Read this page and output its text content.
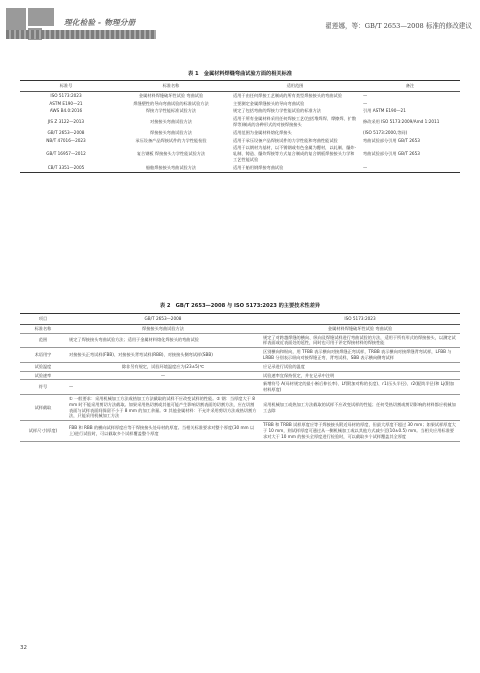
理化检验 - 物理分册	翟莲娜，等：GB/T 2653—2008 标准的修改建议
表 1　金属材料焊缝弯曲试验方面的相关标准
标准号	标准名称	适用范围	备注
ISO 5173:2023	金属材料焊缝破坏性试验 弯曲试验	适用于由任何焊接工艺制成的所有类型焊接接头的弯曲试验	—
ASTM E190—21	焊缝塑性的导向弯曲试验的标准试验方法	主要测定金属焊缝接头的导向弯曲试验	—
AWS B4.0:2016	焊接力学性能标准试验方法	规定了包括弯曲的焊接力学性能试验的标准方法	引用 ASTM E190—21
JIS Z 3122—2013	对接接头弯曲试验方法	适用于所有金属材料采用任何焊接工艺(包括堆焊焊、摩擦焊、扩散焊等)制成的各种形式的对接焊接接头	修改采用 ISO 5173:2009/Amd 1:2011
GB/T 2653—2008	焊接接头弯曲试验方法	适用范围为金属材料熔化焊接头	(ISO 5173:2000,等同)
NB/T 47016—2023	承压设备产品焊接试件的力学性能检验	适用于承压设备产品焊接试件的力学性能和弯曲性能试验	弯曲试验部分引用 GB/T 2653
GB/T 16957—2012	复合钢板 焊接接头力学性能试验方法	适用于以钢材为基材，以不锈钢或有色金属为覆材，以轧制、爆炸-轧制、铸造、爆炸焊接等方式复合制成的复合钢板焊接接头力学和工艺性能试验	弯曲试验部分引用 GB/T 2653
CB/T 3351—2005	船舶焊接接头弯曲试验方法	适用于船用钢焊接弯曲试验	—
表 2　GB/T 2653—2008 与 ISO 5173:2023 的主要技术性差异
项目	GB/T 2653—2008	ISO 5173:2023
标准名称	焊接接头弯曲试验方法	金属材料焊缝破坏性试验 弯曲试验
范围	规定了焊接接头弯曲试验方法；适用于金属材料熔化焊接头的弯曲试验	规定了对跨越焊缝的横向、纵向及焊缝试样进行弯曲试验的方法，适用于所有形式的焊接接头，以测定试样表面或近表面处的延性，同时也可用于评定焊接材料的焊接性能
术语用字	对接接头正弯试样(FBB)、对接接头背弯试样(RBB)、对接接头侧弯试样(SBB)	区别横向和纵向，用 TFBB 表示横向对接焊缝正弯试样，TRBB 表示横向对接焊缝背弯试样，LFBB 与 LRBB 分别表示纵向对接焊缝正弯、背弯试样，SBB 表示横向侧弯试样
试验温度	除非另有规定，试验环境温度应为(23±5)℃	应记录进行试验的温度
试验速率	—	试验速率宜保持恒定，并在记录中注明
符号	—	新增符号 A(母材规定的最小断后伸长率)、Lf(附加对称的长度)、r1(压头半径)、r2(辊筒半径)和 Lj(附加材料厚度)
试样截取	① 一般要求：采用机械加工方法或热加工方法截取的试样不应改变试样的性能。② 钢：当厚度大于 8 mm 时不能采用剪切方法截取。如果采用热切割或其他可能产生影响切割表面的切割方法，应在切割表面与试样表面间保留不小于 8 mm 的加工余量。③ 其他金属材料：不允许采用剪切方法或热切割方法，只能采用机械加工方法	采用机械加工或热加工方法截取的试样不应改变试样的性能；任何受热切割或剪切影响的材料都应机械加工去除
试样尺寸(厚度)	FBB 和 RBB 的横向试样厚度应等于焊接接头处母材的厚度。当相关标准要求对整个厚度(30 mm 以上)进行试验时，可以截取多个试样覆盖整个厚度	TFBB 和 TRBB 试样厚度应等于焊接接头附近母材的厚度，但最大厚度不超过 30 mm；如果试样厚度大于 10 mm，则试样厚度可通过从一侧机械加工或以其他方式减少至(10±0.5) mm。当相关应用标准要求对大于 10 mm 的接头全厚度进行检验时，可以截取多个试样覆盖其全厚度
32
